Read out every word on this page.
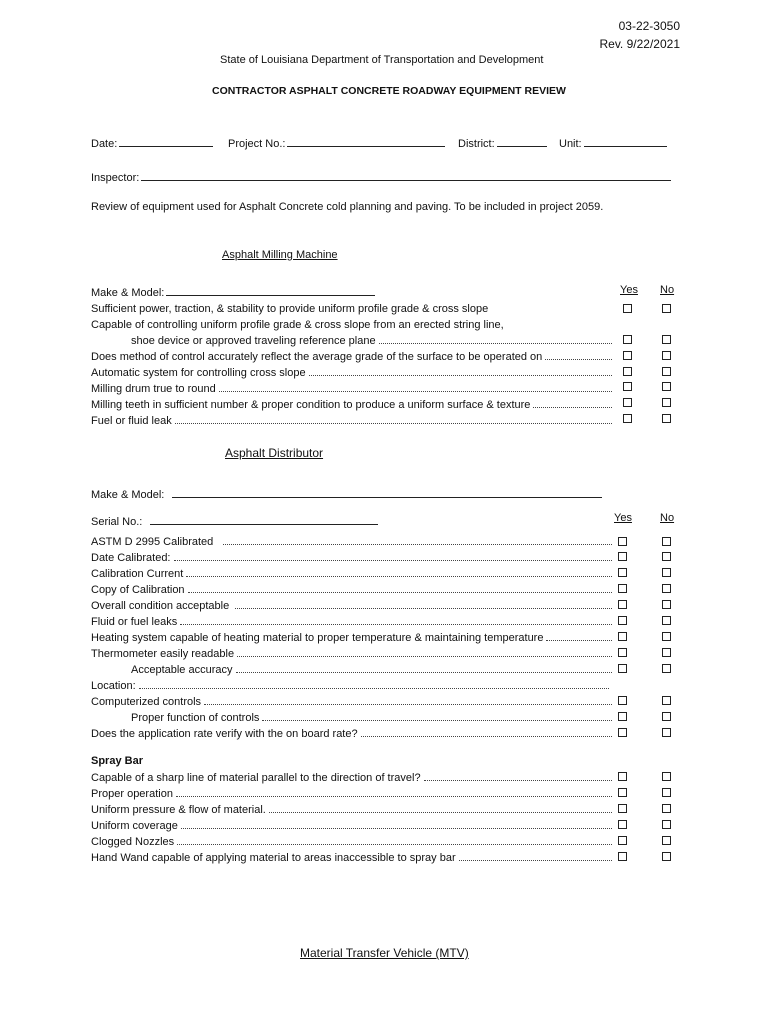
03-22-3050
Rev. 9/22/2021
State of Louisiana Department of Transportation and Development
CONTRACTOR ASPHALT CONCRETE ROADWAY EQUIPMENT REVIEW
Date:	Project No.:	District:	Unit:
Inspector:
Review of equipment used for Asphalt Concrete cold planning and paving. To be included in project 2059.
Asphalt Milling Machine
Make & Model:	Yes No
Sufficient power, traction, & stability to provide uniform profile grade & cross slope
Capable of controlling uniform profile grade & cross slope from an erected string line,
shoe device or approved traveling reference plane
Does method of control accurately reflect the average grade of the surface to be operated on
Automatic system for controlling cross slope
Milling drum true to round
Milling teeth in sufficient number & proper condition to produce a uniform surface & texture
Fuel or fluid leak
Asphalt Distributor
Make & Model:
Serial No.:	Yes	No
ASTM D 2995 Calibrated
Date Calibrated:
Calibration Current
Copy of Calibration
Overall condition acceptable
Fluid or fuel leaks
Heating system capable of heating material to proper temperature & maintaining temperature
Thermometer easily readable
Acceptable accuracy
Location:
Computerized controls
Proper function of controls
Does the application rate verify with the on board rate?
Spray Bar
Capable of a sharp line of material parallel to the direction of travel?
Proper operation
Uniform pressure & flow of material.
Uniform coverage
Clogged Nozzles
Hand Wand capable of applying material to areas inaccessible to spray bar
Material Transfer Vehicle (MTV)
